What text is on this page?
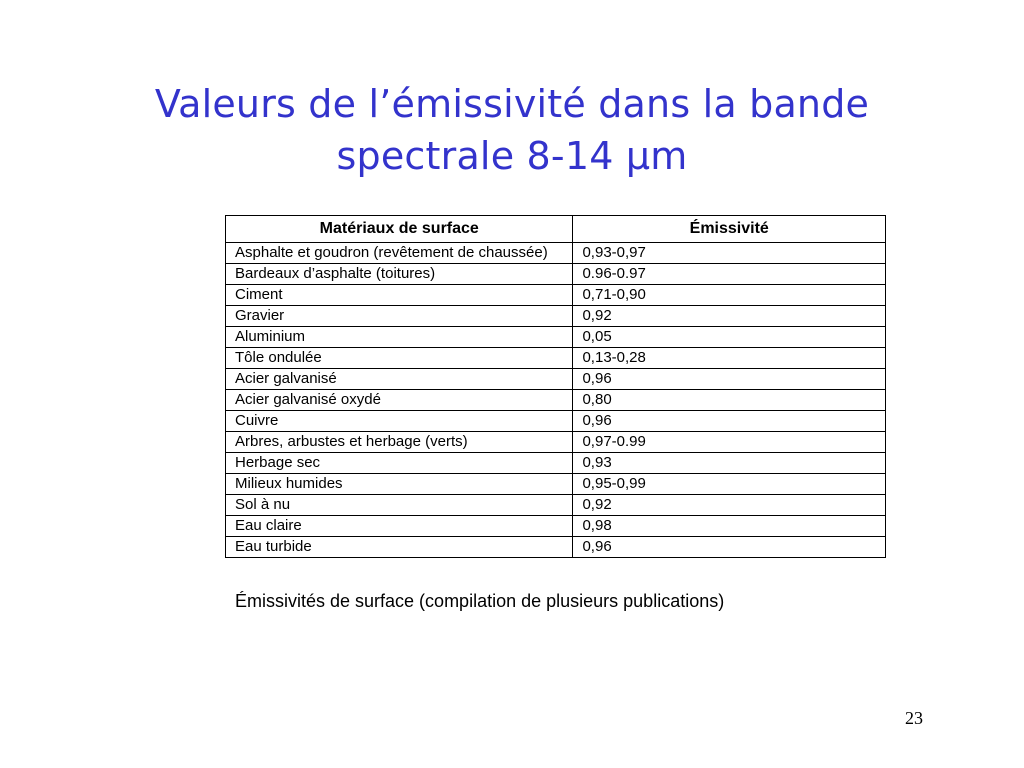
Valeurs de l’émissivité dans la bande
spectrale 8-14 µm
Matériaux de surface	Émissivité
Asphalte et goudron (revêtement de chaussée)	0,93-0,97
Bardeaux d’asphalte (toitures)	0.96-0.97
Ciment	0,71-0,90
Gravier	0,92
Aluminium	0,05
Tôle ondulée	0,13-0,28
Acier galvanisé	0,96
Acier galvanisé oxydé	0,80
Cuivre	0,96
Arbres, arbustes et herbage (verts)	0,97-0.99
Herbage sec	0,93
Milieux humides	0,95-0,99
Sol à nu	0,92
Eau claire	0,98
Eau turbide	0,96
Émissivités de surface (compilation de plusieurs publications)
23
